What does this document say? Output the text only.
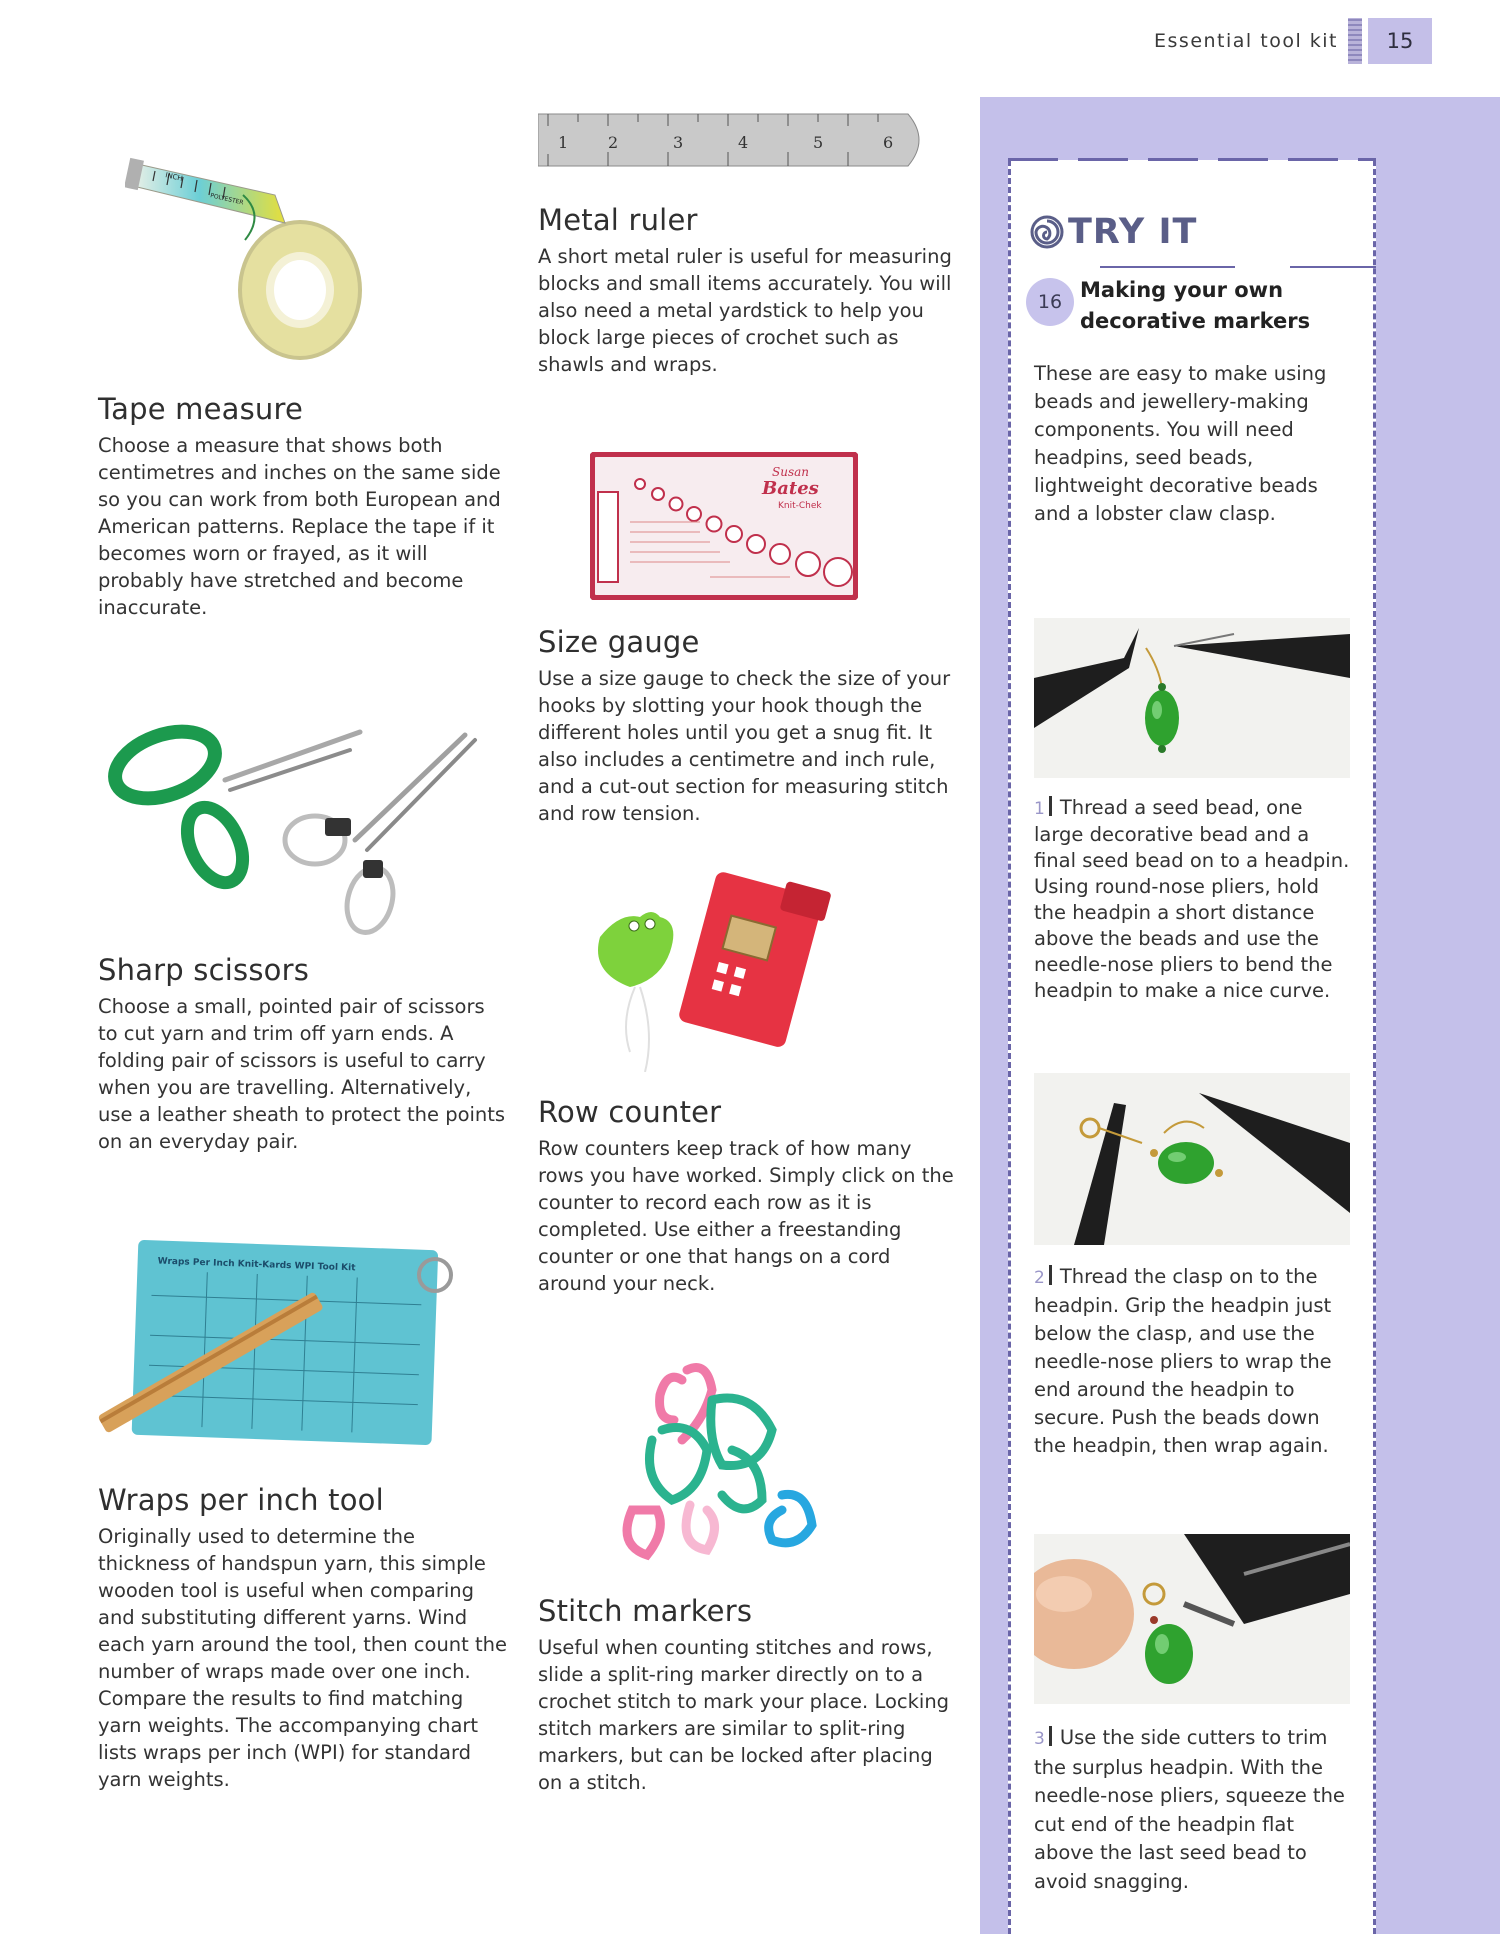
Essential tool kit	15
INCH
POLYESTER
Tape measure

Choose a measure that shows both centimetres and inches on the same side so you can work from both European and American patterns. Replace the tape if it becomes worn or frayed, as it will probably have stretched and become inaccurate.

Sharp scissors

Choose a small, pointed pair of scissors to cut yarn and trim off yarn ends. A folding pair of scissors is useful to carry when you are travelling. Alternatively, use a leather sheath to protect the points on an everyday pair.

Wraps Per Inch Knit-Kards WPI Tool Kit
Wraps per inch tool

Originally used to determine the thickness of handspun yarn, this simple wooden tool is useful when comparing and substituting different yarns. Wind each yarn around the tool, then count the number of wraps made over one inch. Compare the results to find matching yarn weights. The accompanying chart lists wraps per inch (WPI) for standard yarn weights.

1 2	3	4	5	6
Metal ruler

A short metal ruler is useful for measuring blocks and small items accurately. You will also need a metal yardstick to help you block large pieces of crochet such as shawls and wraps.

Susan
Bates
Knit-Chek
Size gauge

Use a size gauge to check the size of your hooks by slotting your hook though the different holes until you get a snug fit. It also includes a centimetre and inch rule, and a cut-out section for measuring stitch and row tension.

Row counter

Row counters keep track of how many rows you have worked. Simply click on the counter to record each row as it is completed. Use either a freestanding counter or one that hangs on a cord around your neck.

Stitch markers

Useful when counting stitches and rows, slide a split-ring marker directly on to a crochet stitch to mark your place. Locking stitch markers are similar to split-ring markers, but can be locked after placing on a stitch.

TRY IT
16 Making your own decorative markers

These are easy to make using beads and jewellery-making components. You will need headpins, seed beads, lightweight decorative beads and a lobster claw clasp.

1 Thread a seed bead, one large decorative bead and a final seed bead on to a headpin. Using round-nose pliers, hold the headpin a short distance above the beads and use the needle-nose pliers to bend the headpin to make a nice curve.
2 Thread the clasp on to the headpin. Grip the headpin just below the clasp, and use the needle-nose pliers to wrap the end around the headpin to secure. Push the beads down the headpin, then wrap again.
3 Use the side cutters to trim the surplus headpin. With the needle-nose pliers, squeeze the cut end of the headpin flat above the last seed bead to avoid snagging.
